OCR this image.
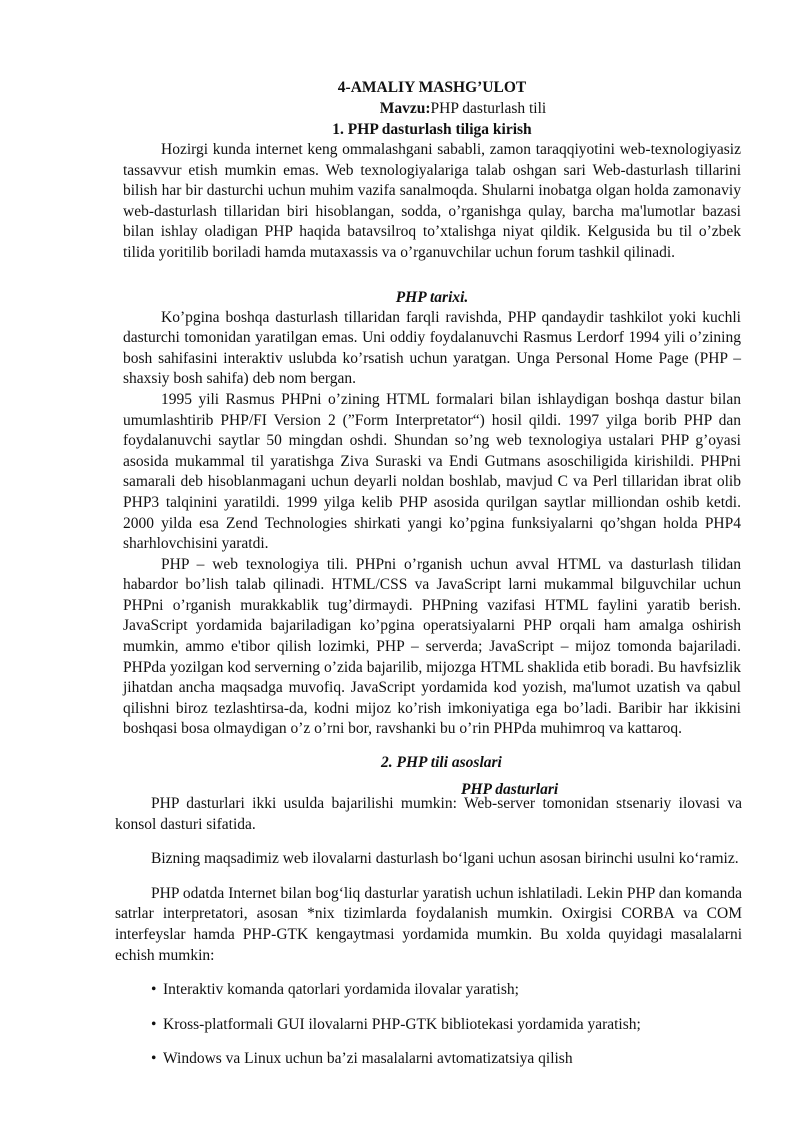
4-AMALIY MASHG’ULOT

Mavzu:PHP dasturlash tili

1. PHP dasturlash tiliga kirish

Hozirgi kunda internet keng ommalashgani sababli, zamon taraqqiyotini web-texnologiyasiz tassavvur etish mumkin emas. Web texnologiyalariga talab oshgan sari Web-dasturlash tillarini bilish har bir dasturchi uchun muhim vazifa sanalmoqda. Shularni inobatga olgan holda zamonaviy web-dasturlash tillaridan biri hisoblangan, sodda, o’rganishga qulay, barcha ma'lumotlar bazasi bilan ishlay oladigan PHP haqida batavsilroq to’xtalishga niyat qildik. Kelgusida bu til o’zbek tilida yoritilib boriladi hamda mutaxassis va o’rganuvchilar uchun forum tashkil qilinadi.

PHP tarixi.

Ko’pgina boshqa dasturlash tillaridan farqli ravishda, PHP qandaydir tashkilot yoki kuchli dasturchi tomonidan yaratilgan emas. Uni oddiy foydalanuvchi Rasmus Lerdorf 1994 yili o’zining bosh sahifasini interaktiv uslubda ko’rsatish uchun yaratgan. Unga Personal Home Page (PHP – shaxsiy bosh sahifa) deb nom bergan.

1995 yili Rasmus PHPni o’zining HTML formalari bilan ishlaydigan boshqa dastur bilan umumlashtirib PHP/FI Version 2 (”Form Interpretator“) hosil qildi. 1997 yilga borib PHP dan foydalanuvchi saytlar 50 mingdan oshdi. Shundan so’ng web texnologiya ustalari PHP g’oyasi asosida mukammal til yaratishga Ziva Suraski va Endi Gutmans asoschiligida kirishildi. PHPni samarali deb hisoblanmagani uchun deyarli noldan boshlab, mavjud C va Perl tillaridan ibrat olib PHP3 talqinini yaratildi. 1999 yilga kelib PHP asosida qurilgan saytlar milliondan oshib ketdi. 2000 yilda esa Zend Technologies shirkati yangi ko’pgina funksiyalarni qo’shgan holda PHP4 sharhlovchisini yaratdi.

PHP – web texnologiya tili. PHPni o’rganish uchun avval HTML va dasturlash tilidan habardor bo’lish talab qilinadi. HTML/CSS va JavaScript larni mukammal bilguvchilar uchun PHPni o’rganish murakkablik tug’dirmaydi. PHPning vazifasi HTML faylini yaratib berish. JavaScript yordamida bajariladigan ko’pgina operatsiyalarni PHP orqali ham amalga oshirish mumkin, ammo e'tibor qilish lozimki, PHP – serverda; JavaScript – mijoz tomonda bajariladi. PHPda yozilgan kod serverning o’zida bajarilib, mijozga HTML shaklida etib boradi. Bu havfsizlik jihatdan ancha maqsadga muvofiq. JavaScript yordamida kod yozish, ma'lumot uzatish va qabul qilishni biroz tezlashtirsa-da, kodni mijoz ko’rish imkoniyatiga ega bo’ladi. Baribir har ikkisini boshqasi bosa olmaydigan o’z o’rni bor, ravshanki bu o’rin PHPda muhimroq va kattaroq.

2. PHP tili asoslari

PHP dasturlari

PHP dasturlari ikki usulda bajarilishi mumkin: Web-server tomonidan stsenariy ilovasi va konsol dasturi sifatida.

Bizning maqsadimiz web ilovalarni dasturlash bo‘lgani uchun asosan birinchi usulni ko‘ramiz.

PHP odatda Internet bilan bog‘liq dasturlar yaratish uchun ishlatiladi. Lekin PHP dan komanda satrlar interpretatori, asosan *nix tizimlarda foydalanish mumkin. Oxirgisi CORBA va COM interfeyslar hamda PHP-GTK kengaytmasi yordamida mumkin. Bu xolda quyidagi masalalarni echish mumkin:

• Interaktiv komanda qatorlari yordamida ilovalar yaratish;
• Kross-platformali GUI ilovalarni PHP-GTK bibliotekasi yordamida yaratish;
• Windows va Linux uchun ba’zi masalalarni avtomatizatsiya qilish
